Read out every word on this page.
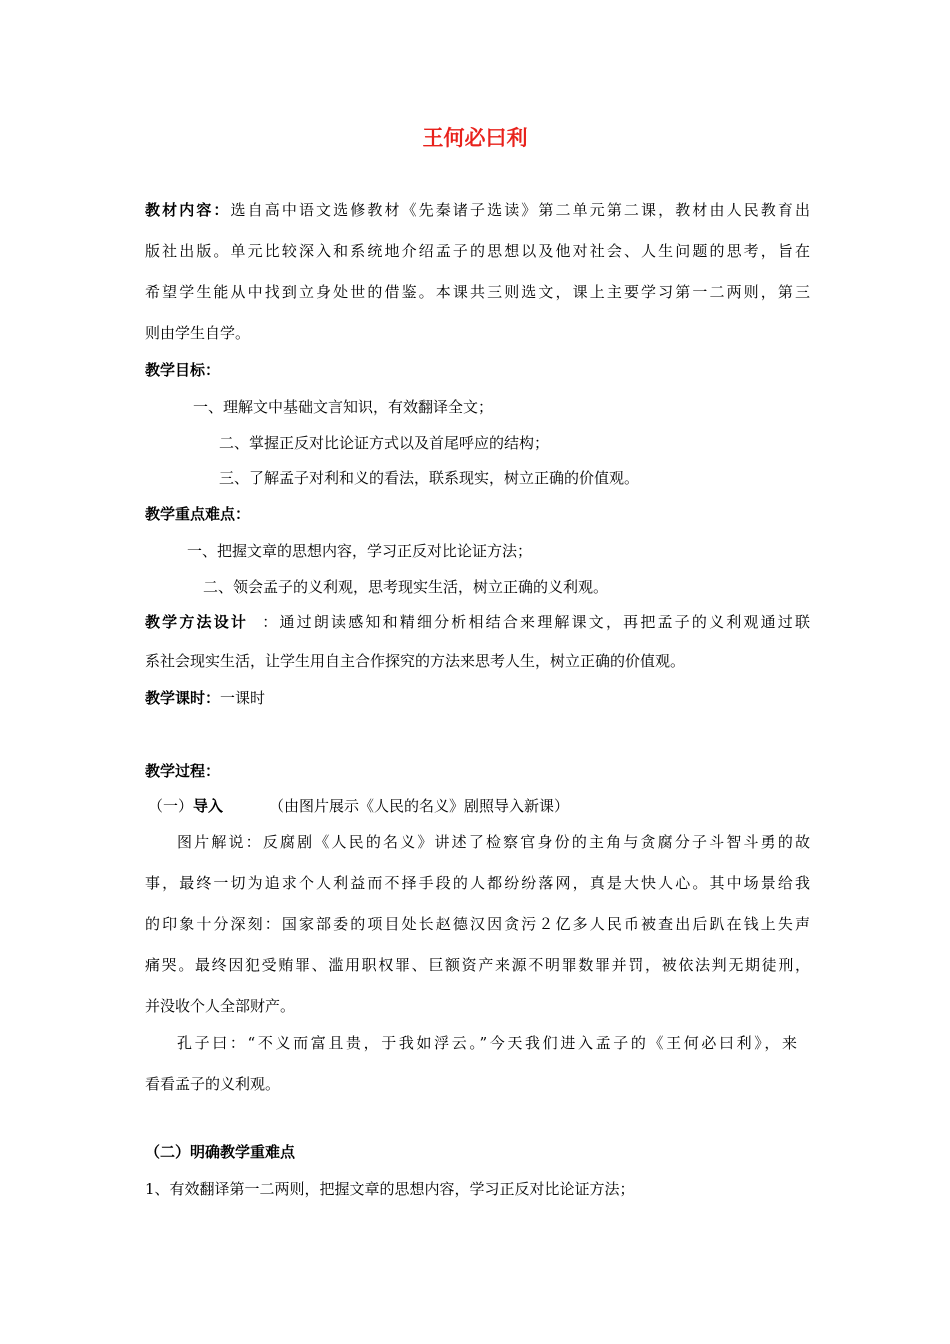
王何必曰利
教材内容：选自高中语文选修教材《先秦诸子选读》第二单元第二课，教材由人民教育出
版社出版。单元比较深入和系统地介绍孟子的思想以及他对社会、人生问题的思考，旨在
希望学生能从中找到立身处世的借鉴。本课共三则选文，课上主要学习第一二两则，第三
则由学生自学。
教学目标：
一、理解文中基础文言知识，有效翻译全文；
二、掌握正反对比论证方式以及首尾呼应的结构；
三、了解孟子对利和义的看法，联系现实，树立正确的价值观。
教学重点难点：
一、把握文章的思想内容，学习正反对比论证方法；
二、领会孟子的义利观，思考现实生活，树立正确的义利观。
教学方法设计 ：通过朗读感知和精细分析相结合来理解课文，再把孟子的义利观通过联
系社会现实生活，让学生用自主合作探究的方法来思考人生，树立正确的价值观。
教学课时：一课时
教学过程：
（一）导入	（由图片展示《人民的名义》剧照导入新课）
图片解说：反腐剧《人民的名义》讲述了检察官身份的主角与贪腐分子斗智斗勇的故
事，最终一切为追求个人利益而不择手段的人都纷纷落网，真是大快人心。其中场景给我
的印象十分深刻：国家部委的项目处长赵德汉因贪污２亿多人民币被查出后趴在钱上失声
痛哭。最终因犯受贿罪、滥用职权罪、巨额资产来源不明罪数罪并罚，被依法判无期徒刑，
并没收个人全部财产。
孔子曰：“不义而富且贵，于我如浮云。”今天我们进入孟子的《王何必曰利》，来
看看孟子的义利观。
（二）明确教学重难点
1、有效翻译第一二两则，把握文章的思想内容，学习正反对比论证方法；
